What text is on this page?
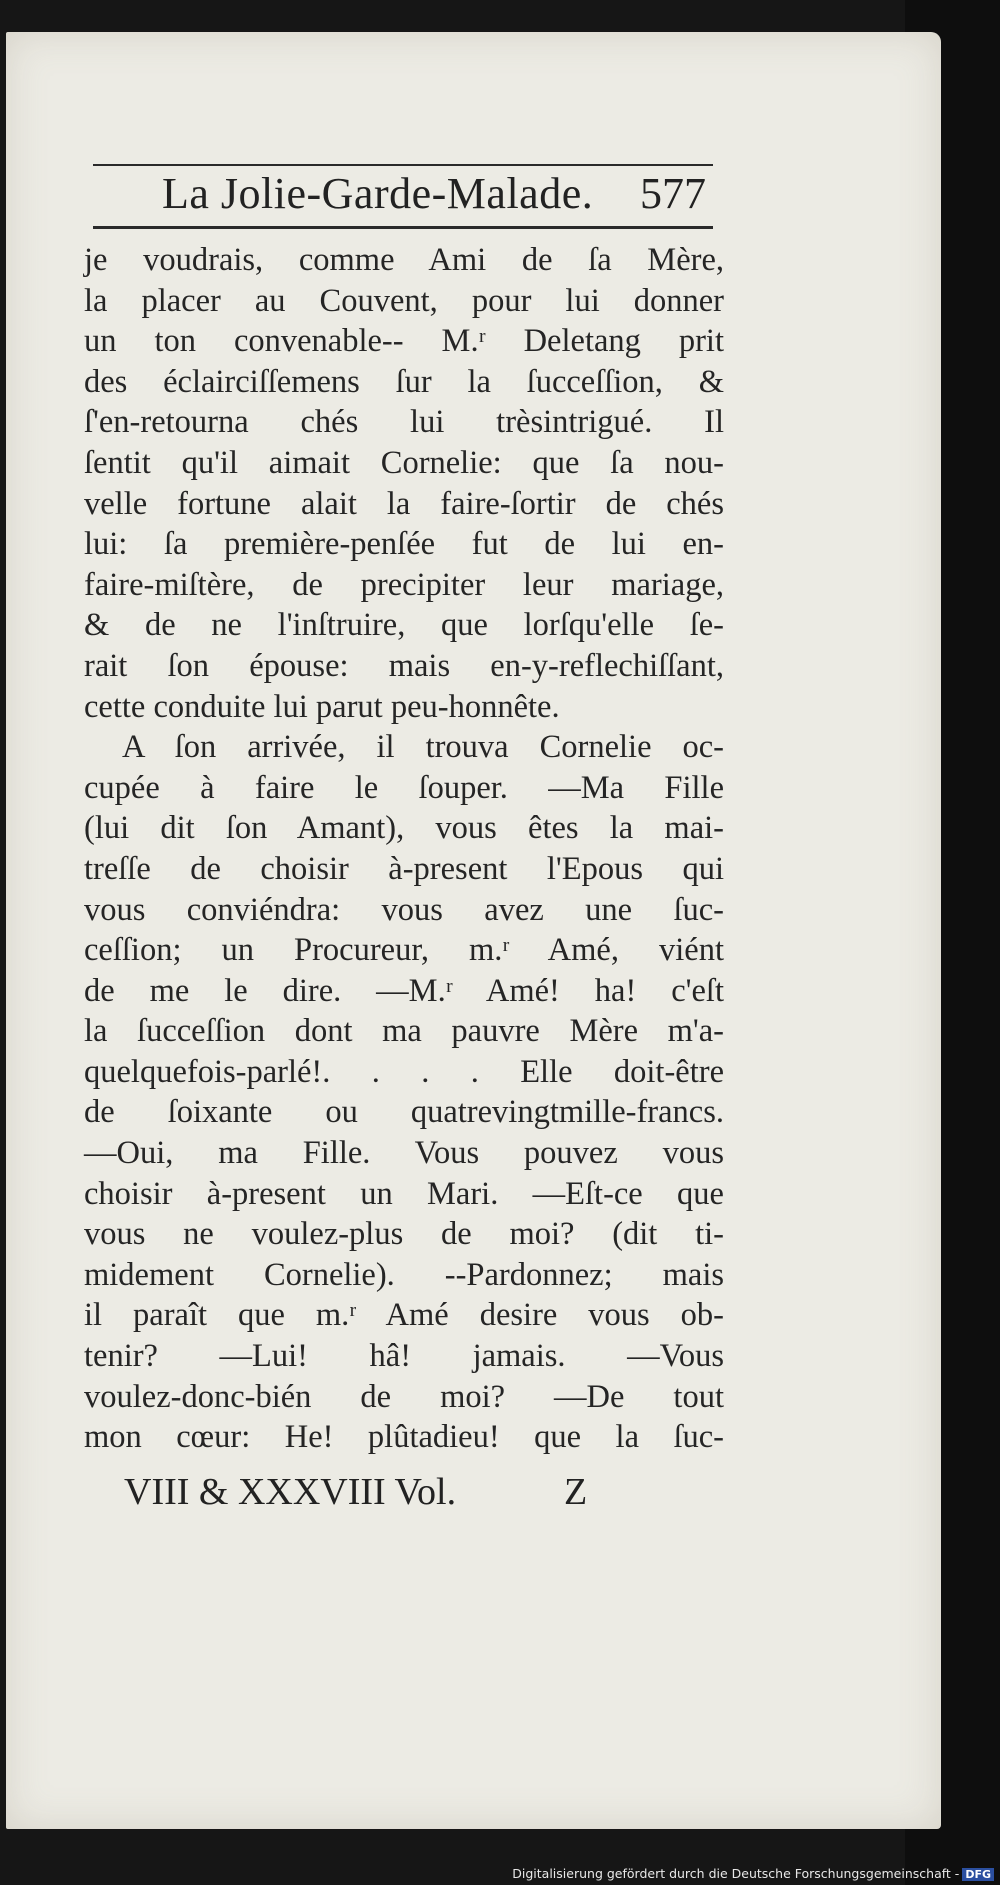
La Jolie-Garde-Malade. 577
je voudrais, comme Ami de ſa Mère,
la placer au Couvent, pour lui donner
un ton convenable-- M.ʳ Deletang prit
des éclairciſſemens ſur la ſucceſſion, &
ſ'en-retourna chés lui trèsintrigué. Il
ſentit qu'il aimait Cornelie: que ſa nou-
velle fortune alait la faire-ſortir de chés
lui: ſa première-penſée fut de lui en-
faire-miſtère, de precipiter leur mariage,
& de ne l'inſtruire, que lorſqu'elle ſe-
rait ſon épouse: mais en-y-reflechiſſant,
cette conduite lui parut peu-honnête.
A ſon arrivée, il trouva Cornelie oc-
cupée à faire le ſouper. —Ma Fille
(lui dit ſon Amant), vous êtes la mai-
treſſe de choisir à-present l'Epous qui
vous conviéndra: vous avez une ſuc-
ceſſion; un Procureur, m.ʳ Amé, viént
de me le dire. —M.ʳ Amé! ha! c'eſt
la ſucceſſion dont ma pauvre Mère m'a-
quelquefois-parlé!. . . . Elle doit-être
de ſoixante ou quatrevingtmille-francs.
—Oui, ma Fille. Vous pouvez vous
choisir à-present un Mari. —Eſt-ce que
vous ne voulez-plus de moi? (dit ti-
midement Cornelie). --Pardonnez; mais
il paraît que m.ʳ Amé desire vous ob-
tenir? —Lui! hâ! jamais. —Vous
voulez-donc-bién de moi? —De tout
mon cœur: He! plûtadieu! que la ſuc-
VIII & XXXVIII Vol.	Z
Digitalisierung gefördert durch die Deutsche Forschungsgemeinschaft - DFG
